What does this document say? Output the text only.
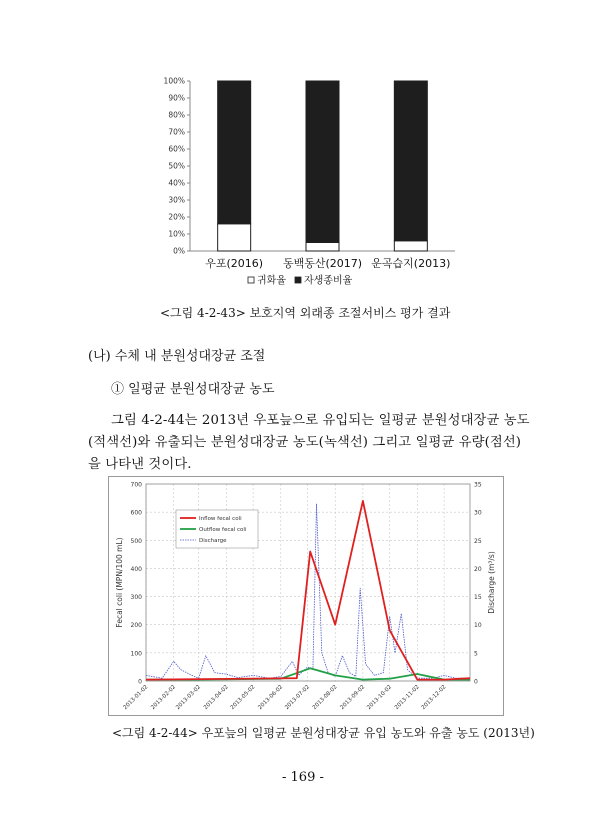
0%
10%
20%
30%
40%
50%
60%
70%
80%
90%
100%
우포(2016) 동백동산(2017) 운곡습지(2013)
귀화율 자생종비율
<그림 4-2-43> 보호지역 외래종 조절서비스 평가 결과
(나) 수체 내 분원성대장균 조절
① 일평균 분원성대장균 농도
그림 4-2-44는 2013년 우포늪으로 유입되는 일평균 분원성대장균 농도
(적색선)와 유출되는 분원성대장균 농도(녹색선) 그리고 일평균 유량(점선)
을 나타낸 것이다.
0
100
200
300
400
500
600
700
0
5
10
15
20
25
30
35
2013-01-02 2013-02-02
2013-03-02 2013-04-02 2013-05-02 2013-06-02 2013-07-02 2013-08-02 2013-09-02 2013-10-02 2013-11-02 2013-12-02
Fecal coli (MPN/100 mL)	Discharge (m³/s)
Inflow fecal coli
Outflow fecal coli
Discharge
<그림 4-2-44> 우포늪의 일평균 분원성대장균 유입 농도와 유출 농도 (2013년)
- 169 -
